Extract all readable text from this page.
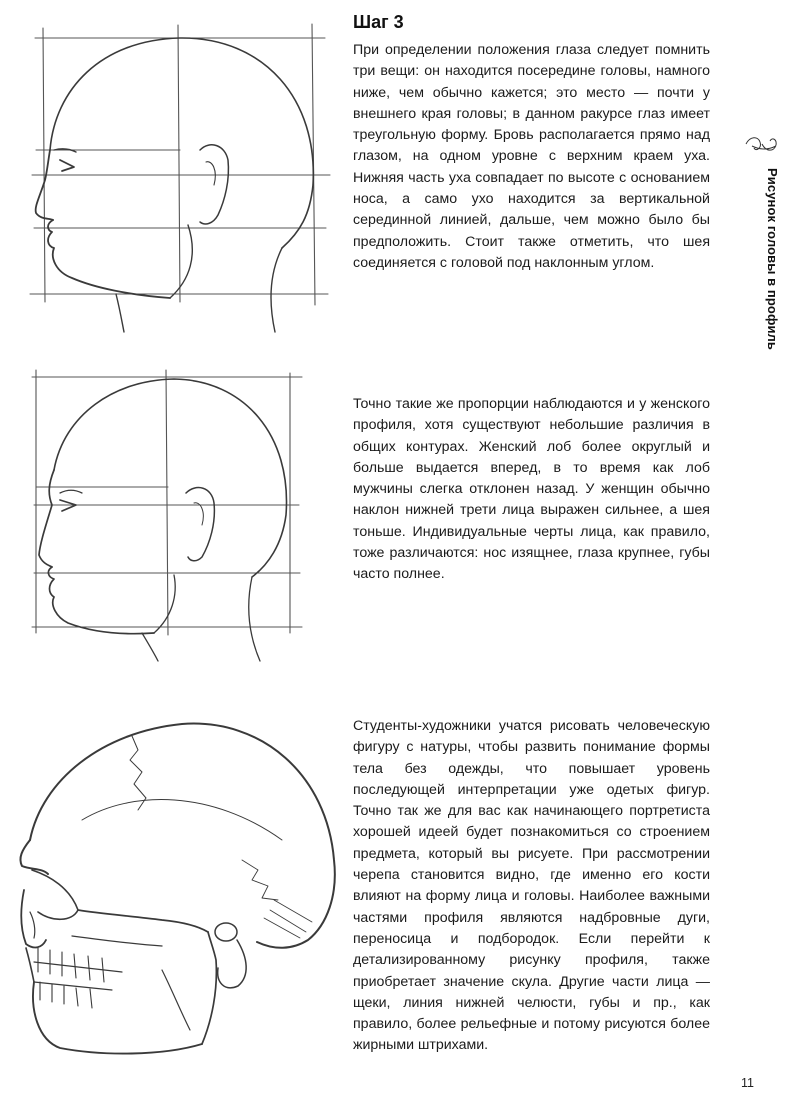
Шаг 3

При определении положения глаза следует помнить три вещи: он находится посередине головы, намного ниже, чем обычно кажется; это место — почти у внешнего края головы; в данном ракурсе глаз имеет треугольную форму. Бровь располагается прямо над глазом, на одном уровне с верхним краем уха. Нижняя часть уха совпадает по высоте с основанием носа, а само ухо находится за вертикальной серединной линией, дальше, чем можно было бы предположить. Стоит также отметить, что шея соединяется с головой под наклонным углом.

Точно такие же пропорции наблюдаются и у женского профиля, хотя существуют небольшие различия в общих контурах. Женский лоб более округлый и больше выдается вперед, в то время как лоб мужчины слегка отклонен назад. У женщин обычно наклон нижней трети лица выражен сильнее, а шея тоньше. Индивидуальные черты лица, как правило, тоже различаются: нос изящнее, глаза крупнее, губы часто полнее.

Студенты-художники учатся рисовать человеческую фигуру с натуры, чтобы развить понимание формы тела без одежды, что повышает уровень последующей интерпретации уже одетых фигур. Точно так же для вас как начинающего портретиста хорошей идеей будет познакомиться со строением предмета, который вы рисуете. При рассмотрении черепа становится видно, где именно его кости влияют на форму лица и головы. Наиболее важными частями профиля являются надбровные дуги, переносица и подбородок. Если перейти к детализированному рисунку профиля, также приобретает значение скула. Другие части лица — щеки, линия нижней челюсти, губы и пр., как правило, более рельефные и потому рисуются более жирными штрихами.

Рисунок головы в профиль
11
